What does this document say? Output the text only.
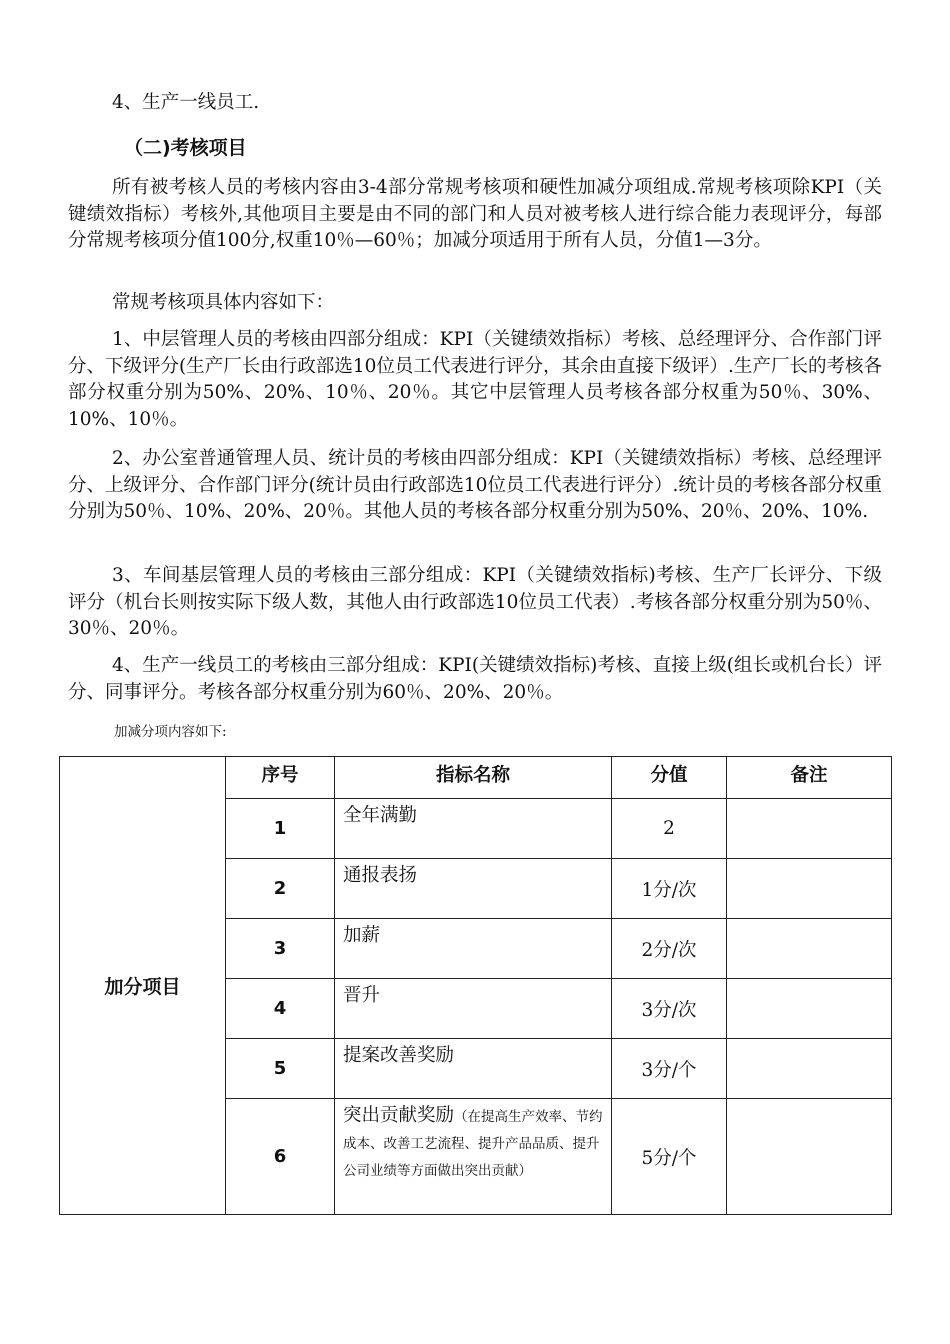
4、生产一线员工.
（二)考核项目
所有被考核人员的考核内容由3-4部分常规考核项和硬性加减分项组成.常规考核项除KPI（关键绩效指标）考核外,其他项目主要是由不同的部门和人员对被考核人进行综合能力表现评分，每部分常规考核项分值100分,权重10％—60％；加减分项适用于所有人员，分值1—3分。
常规考核项具体内容如下：
1、中层管理人员的考核由四部分组成：KPI（关键绩效指标）考核、总经理评分、合作部门评分、下级评分(生产厂长由行政部选10位员工代表进行评分，其余由直接下级评）.生产厂长的考核各部分权重分别为50%、20%、10％、20％。其它中层管理人员考核各部分权重为50％、30%、10%、10％。
2、办公室普通管理人员、统计员的考核由四部分组成：KPI（关键绩效指标）考核、总经理评分、上级评分、合作部门评分(统计员由行政部选10位员工代表进行评分）.统计员的考核各部分权重分别为50％、10%、20%、20％。其他人员的考核各部分权重分别为50%、20％、20%、10%.
3、车间基层管理人员的考核由三部分组成：KPI（关键绩效指标)考核、生产厂长评分、下级评分（机台长则按实际下级人数，其他人由行政部选10位员工代表）.考核各部分权重分别为50％、30％、20％。
4、生产一线员工的考核由三部分组成：KPI(关键绩效指标)考核、直接上级(组长或机台长）评分、同事评分。考核各部分权重分别为60％、20%、20％。
加减分项内容如下:
加分项目	序号	指标名称	分值	备注
	1	全年满勤	2	
	2	通报表扬	1分/次	
	3	加薪	2分/次	
	4	晋升	3分/次	
	5	提案改善奖励	3分/个	
	6	突出贡献奖励（在提高生产效率、节约成本、改善工艺流程、提升产品品质、提升公司业绩等方面做出突出贡献）	5分/个	
